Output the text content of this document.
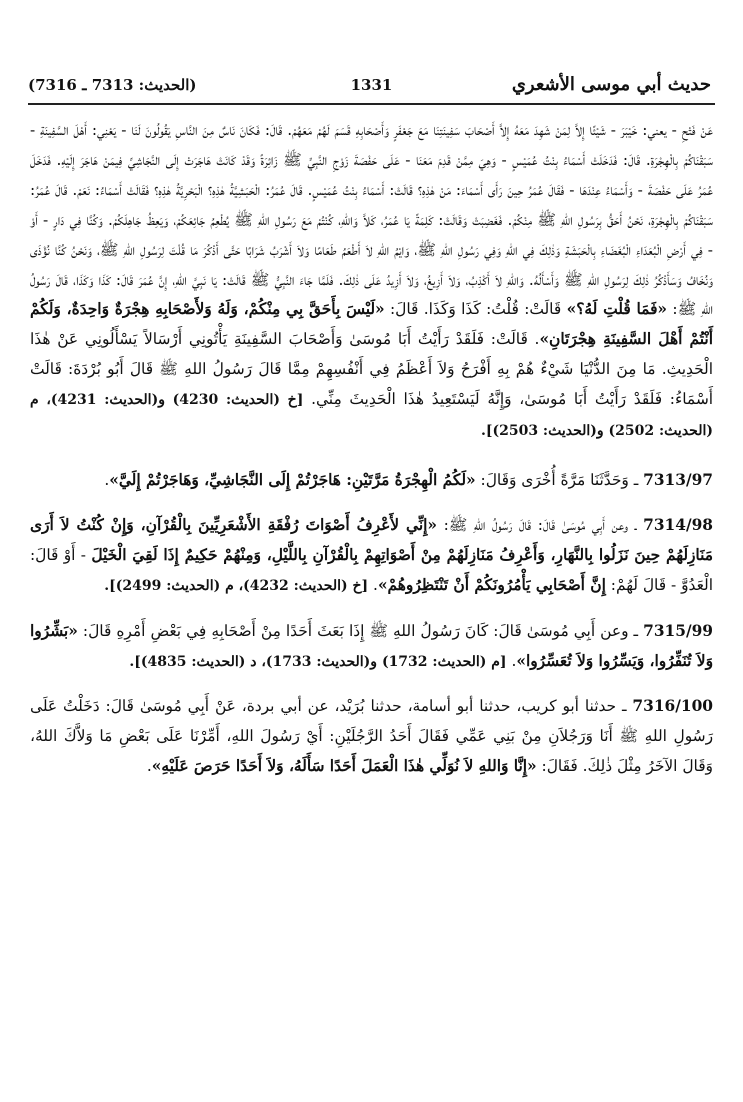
حديث أبي موسى الأشعري
1331
(الحديث: 7313 ـ 7316)

عَنْ فَتْحِ - يعني: خَيْبَرَ - شَيْئًا إِلاَّ لِمَنْ شَهِدَ مَعَهُ إِلاَّ أَصْحَابَ سَفِينَتِنَا مَعَ جَعْفَرٍ وَأَصْحَابِهِ قَسَمَ لَهُمْ مَعَهُمْ. قَالَ: فَكَانَ نَاسٌ مِنَ النَّاسِ يَقُولُونَ لَنَا - يَعْنِي: أَهْلَ السَّفِينَةِ - سَبَقْنَاكُمْ بِالْهِجْرَةِ. قَالَ: فَدَخَلَتْ أَسْمَاءُ بِنْتُ عُمَيْسٍ - وَهِيَ مِمَّنْ قَدِمَ مَعَنَا - عَلَى حَفْصَةَ زَوْجِ النَّبِيِّ ﷺ زَائِرَةً وَقَدْ كَانَتْ هَاجَرَتْ إِلَى النَّجَاشِيِّ فِيمَنْ هَاجَرَ إِلَيْهِ. فَدَخَلَ عُمَرُ عَلَى حَفْصَةَ - وَأَسْمَاءُ عِنْدَهَا - فَقَالَ عُمَرُ حِينَ رَأَى أَسْمَاءَ: مَنْ هٰذِهِ؟ قَالَتْ: أَسْمَاءُ بِنْتُ عُمَيْسٍ. قَالَ عُمَرُ: الْحَبَشِيَّةُ هٰذِهِ؟ الْبَحْرِيَّةُ هٰذِهِ؟ فَقَالَتْ أَسْمَاءُ: نَعَمْ. قَالَ عُمَرُ: سَبَقْنَاكُمْ بِالْهِجْرَةِ، نَحْنُ أَحَقُّ بِرَسُولِ اللهِ ﷺ مِنْكُمْ. فَغَضِبَتْ وَقَالَتْ: كَلِمَةً يَا عُمَرُ، كَلاَّ وَاللهِ، كُنْتُمْ مَعَ رَسُولِ اللهِ ﷺ يُطْعِمُ جَائِعَكُمْ، وَيَعِظُ جَاهِلَكُمْ. وَكُنَّا فِي دَارٍ - أَوْ - فِي أَرْضِ الْبُعَدَاءِ الْبُغَضَاءِ بِالْحَبَشَةِ وَذٰلِكَ فِي اللهِ وَفِي رَسُولِ اللهِ ﷺ، وَايْمُ اللهِ لاَ أَطْعَمُ طَعَامًا وَلاَ أَشْرَبُ شَرَابًا حَتَّى أَذْكُرَ مَا قُلْتَ لِرَسُولِ اللهِ ﷺ، وَنَحْنُ كُنَّا نُؤْذَى وَنُخَافُ وَسَأَذْكُرُ ذٰلِكَ لِرَسُولِ اللهِ ﷺ وَأَسْأَلُهُ. وَاللهِ لاَ أَكْذِبُ، وَلاَ أَزِيغُ، وَلاَ أَزِيدُ عَلَى ذٰلِكَ. فَلَمَّا جَاءَ النَّبِيُّ ﷺ قَالَتْ: يَا نَبِيَّ اللهِ، إِنَّ عُمَرَ قَالَ: كَذَا وَكَذَا، قَالَ رَسُولُ اللهِ ﷺ: «فَمَا قُلْتِ لَهُ؟» قَالَتْ: قُلْتُ: كَذَا وَكَذَا. قَالَ: «لَيْسَ بِأَحَقَّ بِي مِنْكُمْ، وَلَهُ وَلأَصْحَابِهِ هِجْرَةٌ وَاحِدَةٌ، وَلَكُمْ أَنْتُمْ أَهْلَ السَّفِينَةِ هِجْرَتَانِ». قَالَتْ: فَلَقَدْ رَأَيْتُ أَبَا مُوسَىٰ وَأَصْحَابَ السَّفِينَةِ يَأْتُونِي أَرْسَالاً يَسْأَلُونِي عَنْ هٰذَا الْحَدِيثِ. مَا مِنَ الدُّنْيَا شَيْءٌ هُمْ بِهِ أَفْرَحُ وَلاَ أَعْظَمُ فِي أَنْفُسِهِمْ مِمَّا قَالَ رَسُولُ اللهِ ﷺ قَالَ أَبُو بُرْدَةَ: قَالَتْ أَسْمَاءُ: فَلَقَدْ رَأَيْتُ أَبَا مُوسَىٰ، وَإِنَّهُ لَيَسْتَعِيدُ هٰذَا الْحَدِيثَ مِنِّي. [خ (الحديث: 4230) و(الحديث: 4231)، م (الحديث: 2502) و(الحديث: 2503)].

7313/97 ـ وَحَدَّثَنَا مَرَّةً أُخْرَى وَقَالَ: «لَكُمُ الْهِجْرَةُ مَرَّتَيْنِ: هَاجَرْتُمْ إِلَى النَّجَاشِيِّ، وَهَاجَرْتُمْ إِلَيَّ».

7314/98 ـ وعن أَبِي مُوسَىٰ قَالَ: قَالَ رَسُولُ اللهِ ﷺ: «إِنِّي لأَعْرِفُ أَصْوَاتَ رُفْقَةِ الأَشْعَرِيِّينَ بِالْقُرْآنِ، وَإِنْ كُنْتُ لاَ أَرَى مَنَازِلَهُمْ حِينَ نَزَلُوا بِالنَّهَارِ، وَأَعْرِفُ مَنَازِلَهُمْ مِنْ أَصْوَاتِهِمْ بِالْقُرْآنِ بِاللَّيْلِ، وَمِنْهُمْ حَكِيمٌ إِذَا لَقِيَ الْخَيْلَ - أَوْ قَالَ: الْعَدُوَّ - قَالَ لَهُمْ: إِنَّ أَصْحَابِي يَأْمُرُونَكُمْ أَنْ تَنْتَظِرُوهُمْ». [خ (الحديث: 4232)، م (الحديث: 2499)].

7315/99 ـ وعن أَبِي مُوسَىٰ قَالَ: كَانَ رَسُولُ اللهِ ﷺ إِذَا بَعَثَ أَحَدًا مِنْ أَصْحَابِهِ فِي بَعْضِ أَمْرِهِ قَالَ: «بَشِّرُوا وَلاَ تُنَفِّرُوا، وَيَسِّرُوا وَلاَ تُعَسِّرُوا». [م (الحديث: 1732) و(الحديث: 1733)، د (الحديث: 4835)].

7316/100 ـ حدثنا أبو كريب، حدثنا أبو أسامة، حدثنا بُرَيْد، عن أبي بردة، عَنْ أَبِي مُوسَىٰ قَالَ: دَخَلْتُ عَلَى رَسُولِ اللهِ ﷺ أَنَا وَرَجُلاَنِ مِنْ بَنِي عَمِّي فَقَالَ أَحَدُ الرَّجُلَيْنِ: أَيْ رَسُولَ اللهِ، أَمِّرْنَا عَلَى بَعْضِ مَا وَلاَّكَ اللهُ، وَقَالَ الآخَرُ مِثْلَ ذٰلِكَ. فَقَالَ: «إِنَّا وَاللهِ لاَ نُوَلِّي هٰذَا الْعَمَلَ أَحَدًا سَأَلَهُ، وَلاَ أَحَدًا حَرَصَ عَلَيْهِ».
